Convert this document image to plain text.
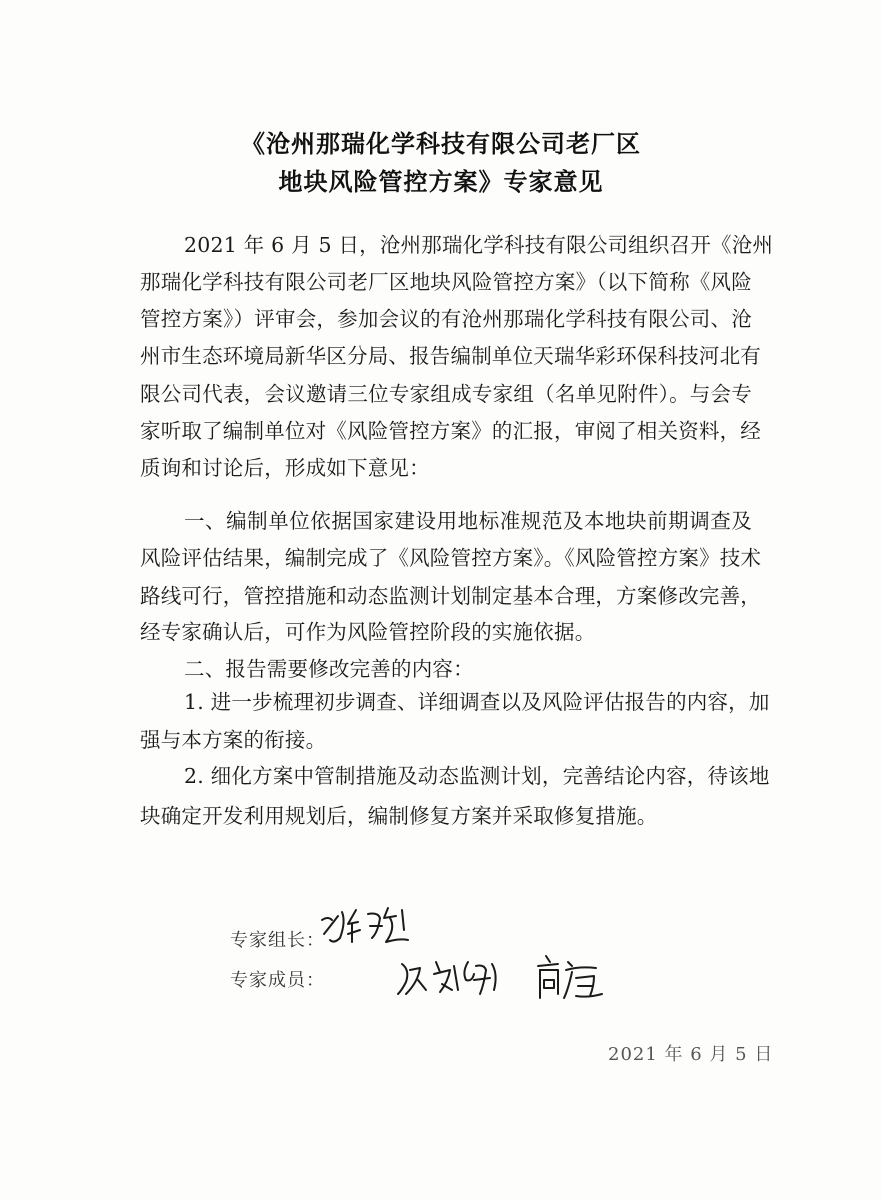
《沧州那瑞化学科技有限公司老厂区
地块风险管控方案》专家意见
2021 年 6 月 5 日，沧州那瑞化学科技有限公司组织召开《沧州
那瑞化学科技有限公司老厂区地块风险管控方案》（以下简称《风险
管控方案》）评审会，参加会议的有沧州那瑞化学科技有限公司、沧
州市生态环境局新华区分局、报告编制单位天瑞华彩环保科技河北有
限公司代表，会议邀请三位专家组成专家组（名单见附件）。与会专
家听取了编制单位对《风险管控方案》的汇报，审阅了相关资料，经
质询和讨论后，形成如下意见：
一、编制单位依据国家建设用地标准规范及本地块前期调查及
风险评估结果，编制完成了《风险管控方案》。《风险管控方案》技术
路线可行，管控措施和动态监测计划制定基本合理，方案修改完善，
经专家确认后，可作为风险管控阶段的实施依据。
二、报告需要修改完善的内容：
1. 进一步梳理初步调查、详细调查以及风险评估报告的内容，加
强与本方案的衔接。
2. 细化方案中管制措施及动态监测计划，完善结论内容，待该地
块确定开发利用规划后，编制修复方案并采取修复措施。
专家组长：
专家成员：
2021 年 6 月 5 日
